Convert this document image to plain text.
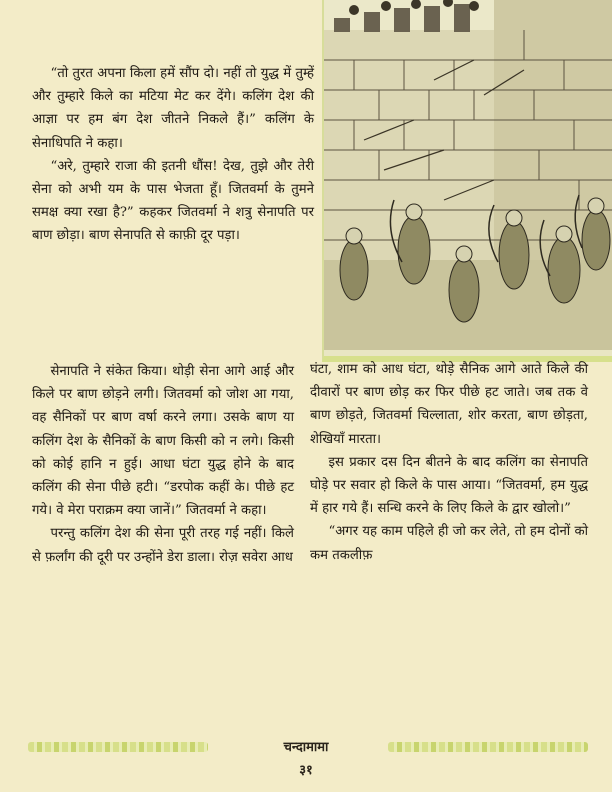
“तो तुरत अपना किला हमें सौंप दो। नहीं तो युद्ध में तुम्हें और तुम्हारे किले का मटिया मेट कर देंगे। कलिंग देश की आज्ञा पर हम बंग देश जीतने निकले हैं।” कलिंग के सेनाधिपति ने कहा।

“अरे, तुम्हारे राजा की इतनी धौंस! देख, तुझे और तेरी सेना को अभी यम के पास भेजता हूँ। जितवर्मा के तुमने समक्ष क्या रखा है?” कहकर जितवर्मा ने शत्रु सेनापति पर बाण छोड़ा। बाण सेनापति से काफ़ी दूर पड़ा।

सेनापति ने संकेत किया। थोड़ी सेना आगे आई और किले पर बाण छोड़ने लगी। जितवर्मा को जोश आ गया, वह सैनिकों पर बाण वर्षा करने लगा। उसके बाण या कलिंग देश के सैनिकों के बाण किसी को न लगे। किसी को कोई हानि न हुई। आधा घंटा युद्ध होने के बाद कलिंग की सेना पीछे हटी। “डरपोक कहीं के। पीछे हट गये। वे मेरा पराक्रम क्या जानें।” जितवर्मा ने कहा।

परन्तु कलिंग देश की सेना पूरी तरह गई नहीं। किले से फ़र्लांग की दूरी पर उन्होंने डेरा डाला। रोज़ सवेरा आध

घंटा, शाम को आध घंटा, थोड़े सैनिक आगे आते किले की दीवारों पर बाण छोड़ कर फिर पीछे हट जाते। जब तक वे बाण छोड़ते, जितवर्मा चिल्लाता, शोर करता, बाण छोड़ता, शेखियाँ मारता।

इस प्रकार दस दिन बीतने के बाद कलिंग का सेनापति घोड़े पर सवार हो किले के पास आया। “जितवर्मा, हम युद्ध में हार गये हैं। सन्धि करने के लिए किले के द्वार खोलो।”

“अगर यह काम पहिले ही जो कर लेते, तो हम दोनों को कम तकलीफ़

चन्दामामा
३१
